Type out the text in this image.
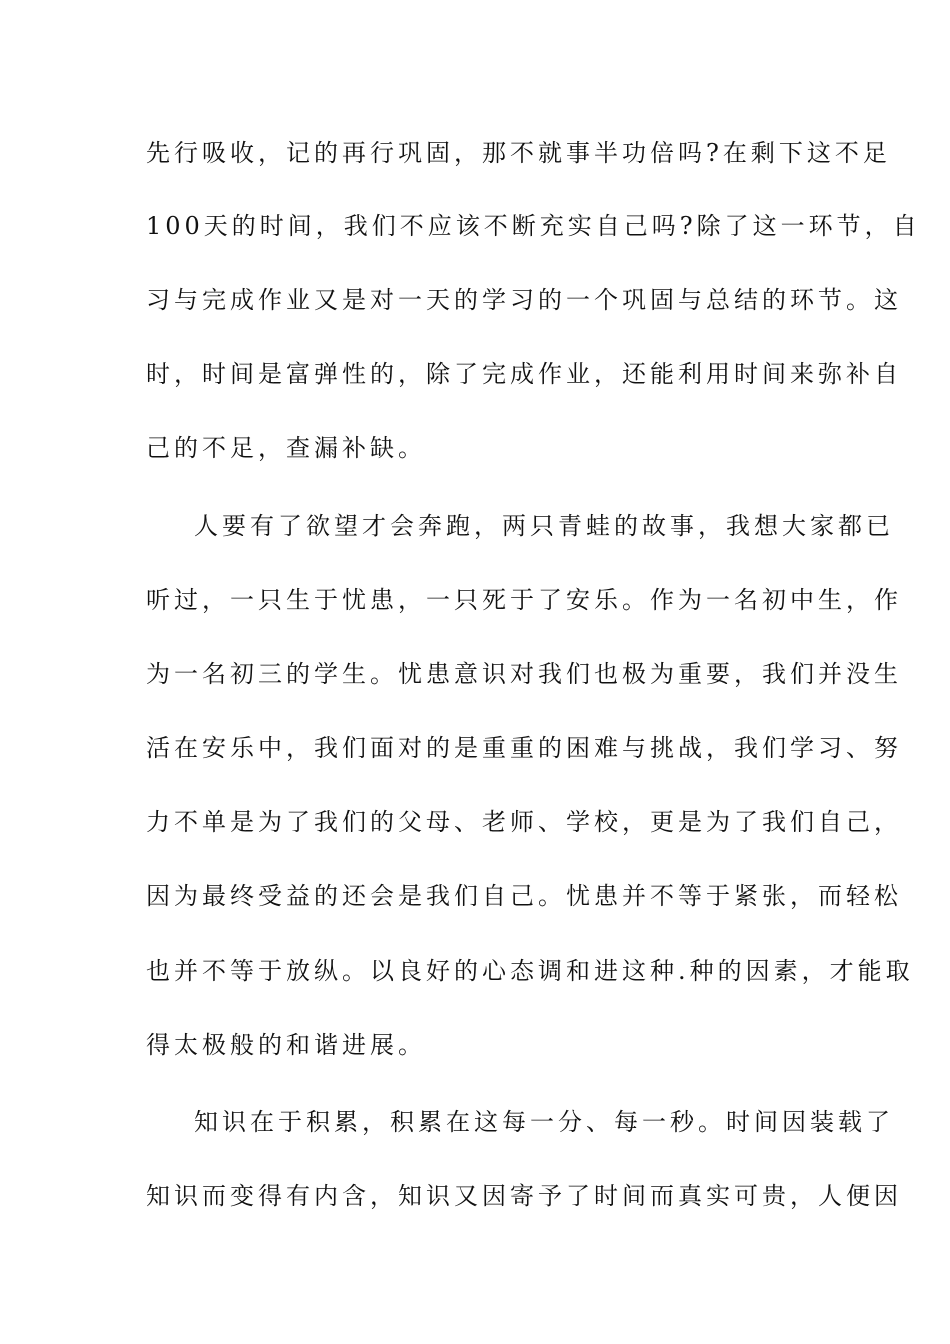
先行吸收，记的再行巩固，那不就事半功倍吗?在剩下这不足
100天的时间，我们不应该不断充实自己吗?除了这一环节，自
习与完成作业又是对一天的学习的一个巩固与总结的环节。这
时，时间是富弹性的，除了完成作业，还能利用时间来弥补自
己的不足，查漏补缺。
人要有了欲望才会奔跑，两只青蛙的故事，我想大家都已
听过，一只生于忧患，一只死于了安乐。作为一名初中生，作
为一名初三的学生。忧患意识对我们也极为重要，我们并没生
活在安乐中，我们面对的是重重的困难与挑战，我们学习、努
力不单是为了我们的父母、老师、学校，更是为了我们自己，
因为最终受益的还会是我们自己。忧患并不等于紧张，而轻松
也并不等于放纵。以良好的心态调和进这种.种的因素，才能取
得太极般的和谐进展。
知识在于积累，积累在这每一分、每一秒。时间因装载了
知识而变得有内含，知识又因寄予了时间而真实可贵，人便因
